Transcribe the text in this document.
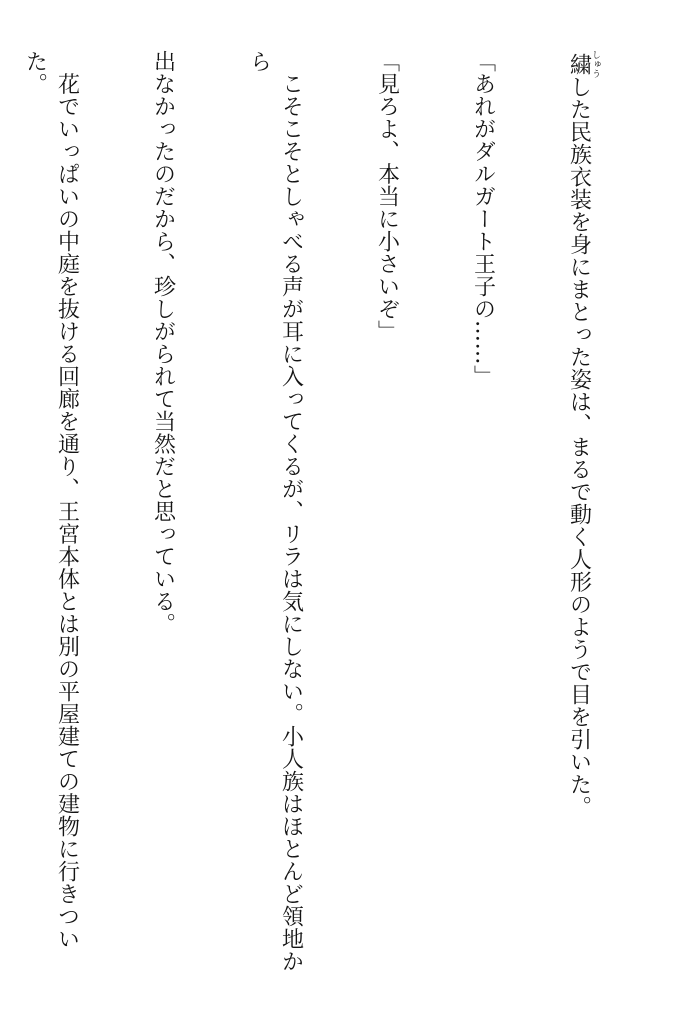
繍しゅうした民族衣装を身にまとった姿は、まるで動く人形のようで目を引いた。

「あれがダルガート王子の……」

「見ろよ、本当に小さいぞ」

　こそこそとしゃべる声が耳に入ってくるが、リラは気にしない。小人族はほとんど領地から

出なかったのだから、珍しがられて当然だと思っている。

　花でいっぱいの中庭を抜ける回廊を通り、王宮本体とは別の平屋建ての建物に行きついた。
